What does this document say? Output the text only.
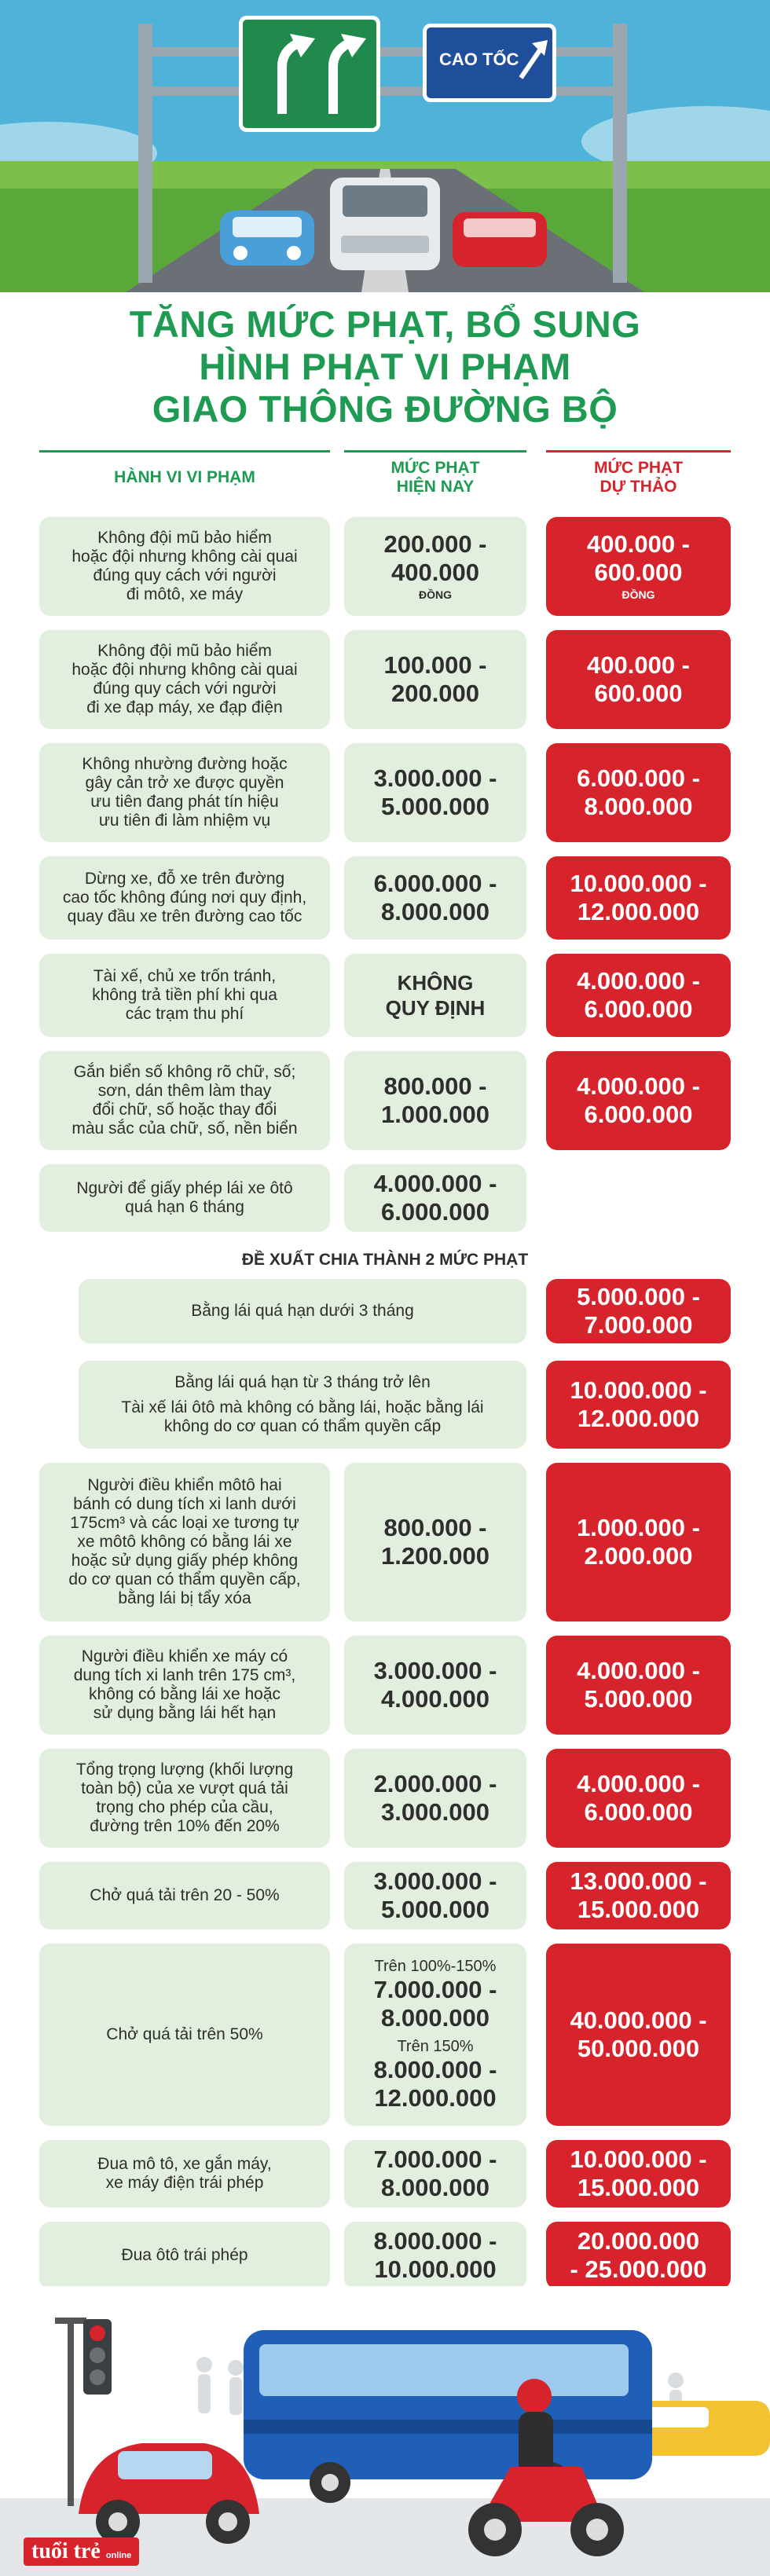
CAO TỐC
TĂNG MỨC PHẠT, BỔ SUNG
HÌNH PHẠT VI PHẠM
GIAO THÔNG ĐƯỜNG BỘ
HÀNH VI VI PHẠM
MỨC PHẠT
HIỆN NAY
MỨC PHẠT
DỰ THẢO
Không đội mũ bảo hiểm
hoặc đội nhưng không cài quai
đúng quy cách với người
đi môtô, xe máy
200.000 -
400.000
ĐỒNG
400.000 -
600.000
ĐỒNG
Không đội mũ bảo hiểm
hoặc đội nhưng không cài quai
đúng quy cách với người
đi xe đạp máy, xe đạp điện
100.000 -
200.000
400.000 -
600.000
Không nhường đường hoặc
gây cản trở xe được quyền
ưu tiên đang phát tín hiệu
ưu tiên đi làm nhiệm vụ
3.000.000 -
5.000.000
6.000.000 -
8.000.000
Dừng xe, đỗ xe trên đường
cao tốc không đúng nơi quy định,
quay đầu xe trên đường cao tốc
6.000.000 -
8.000.000
10.000.000 -
12.000.000
Tài xế, chủ xe trốn tránh,
không trả tiền phí khi qua
các trạm thu phí
KHÔNG
QUY ĐỊNH
4.000.000 -
6.000.000
Gắn biển số không rõ chữ, số;
sơn, dán thêm làm thay
đổi chữ, số hoặc thay đổi
màu sắc của chữ, số, nền biển
800.000 -
1.000.000
4.000.000 -
6.000.000
Người để giấy phép lái xe ôtô
quá hạn 6 tháng
4.000.000 -
6.000.000
ĐỀ XUẤT CHIA THÀNH 2 MỨC PHẠT
Bằng lái quá hạn dưới 3 tháng
5.000.000 -
7.000.000
Bằng lái quá hạn từ 3 tháng trở lên
Tài xế lái ôtô mà không có bằng lái, hoặc bằng lái
không do cơ quan có thẩm quyền cấp
10.000.000 -
12.000.000
Người điều khiển môtô hai
bánh có dung tích xi lanh dưới
175cm³ và các loại xe tương tự
xe môtô không có bằng lái xe
hoặc sử dụng giấy phép không
do cơ quan có thẩm quyền cấp,
bằng lái bị tẩy xóa
800.000 -
1.200.000
1.000.000 -
2.000.000
Người điều khiển xe máy có
dung tích xi lanh trên 175 cm³,
không có bằng lái xe hoặc
sử dụng bằng lái hết hạn
3.000.000 -
4.000.000
4.000.000 -
5.000.000
Tổng trọng lượng (khối lượng
toàn bộ) của xe vượt quá tải
trọng cho phép của cầu,
đường trên 10% đến 20%
2.000.000 -
3.000.000
4.000.000 -
6.000.000
Chở quá tải trên 20 - 50%
3.000.000 -
5.000.000
13.000.000 -
15.000.000
Chở quá tải trên 50%
Trên 100%-150%
7.000.000 -
8.000.000
Trên 150%
8.000.000 -
12.000.000
40.000.000 -
50.000.000
Đua mô tô, xe gắn máy,
xe máy điện trái phép
7.000.000 -
8.000.000
10.000.000 -
15.000.000
Đua ôtô trái phép
8.000.000 -
10.000.000
20.000.000
- 25.000.000
tuổi trẻ online
